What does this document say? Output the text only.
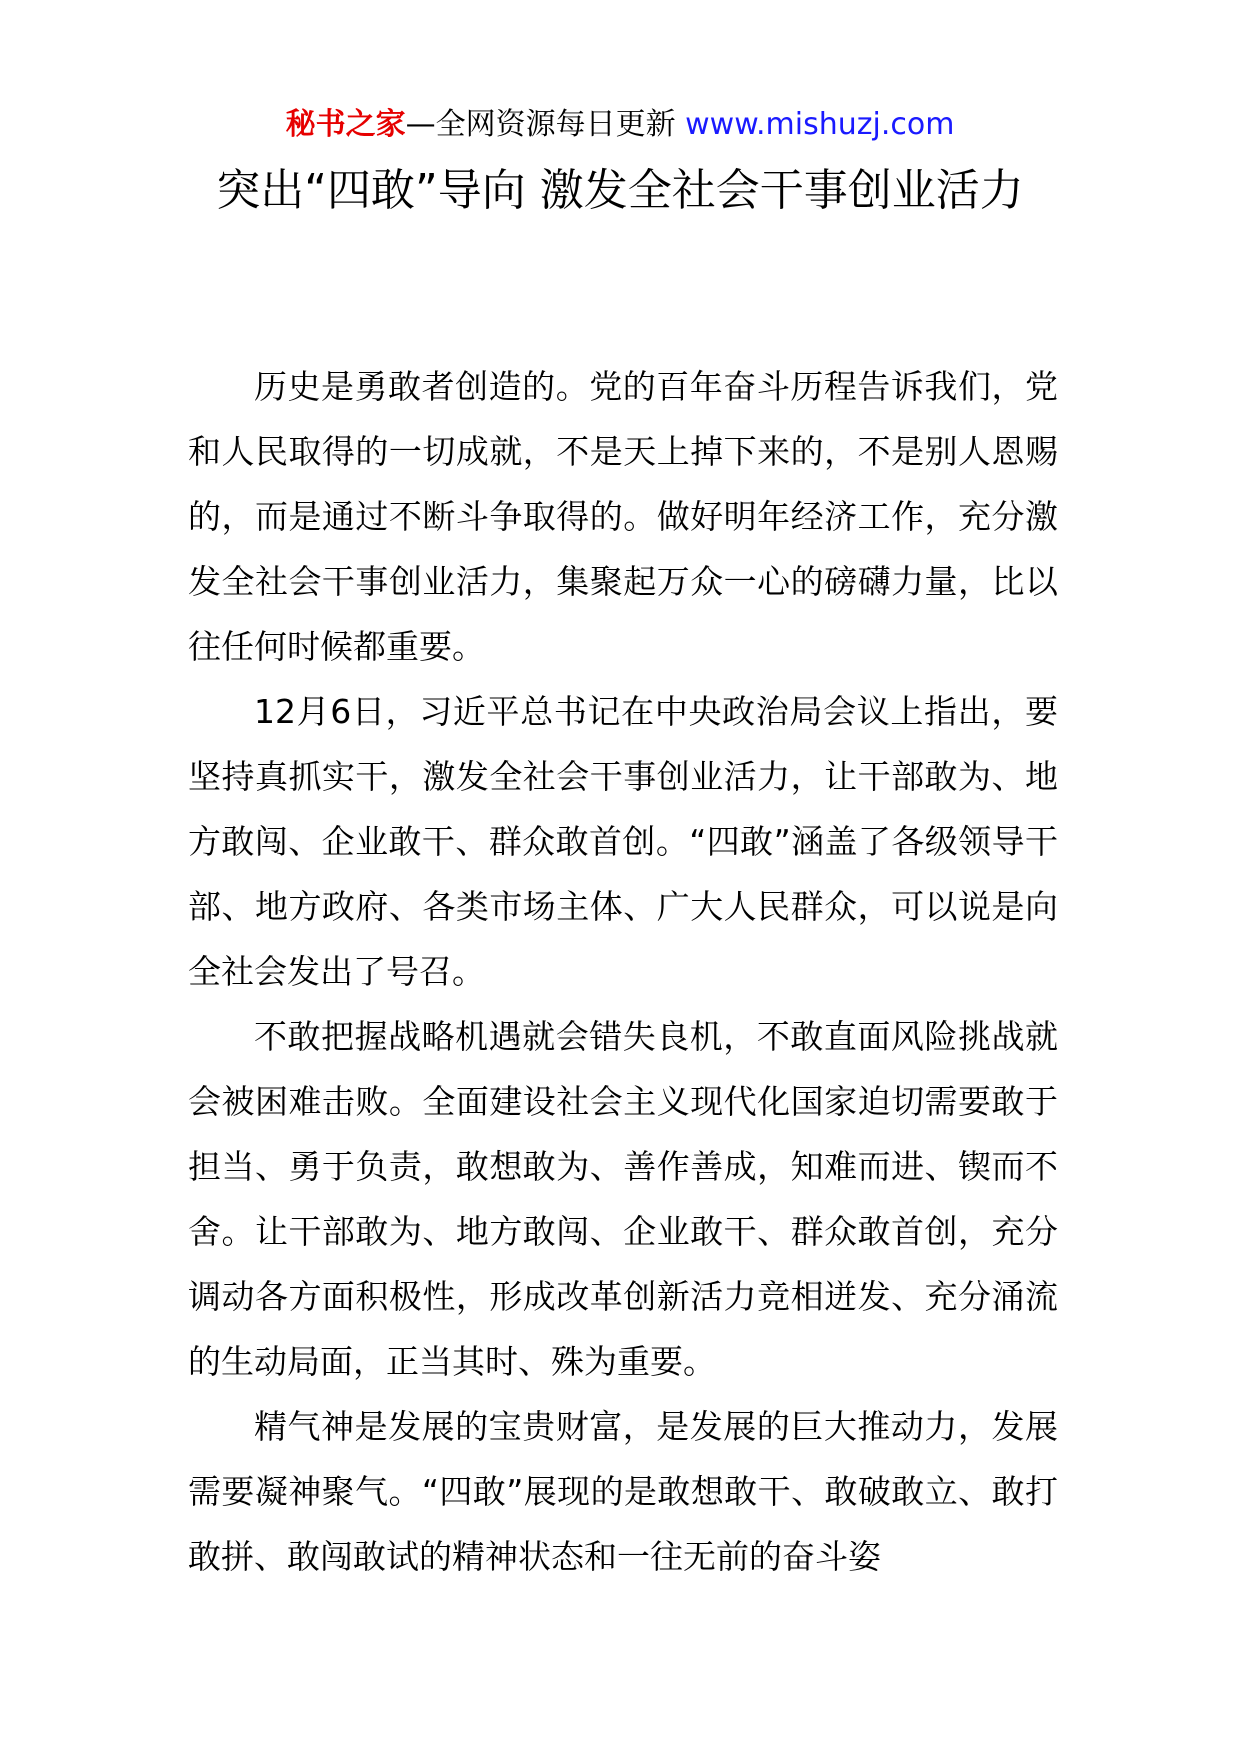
秘书之家—全网资源每日更新 www.mishuzj.com
突出“四敢”导向 激发全社会干事创业活力

历史是勇敢者创造的。党的百年奋斗历程告诉我们，党和人民取得的一切成就，不是天上掉下来的，不是别人恩赐的，而是通过不断斗争取得的。做好明年经济工作，充分激发全社会干事创业活力，集聚起万众一心的磅礴力量，比以往任何时候都重要。

12月6日，习近平总书记在中央政治局会议上指出，要坚持真抓实干，激发全社会干事创业活力，让干部敢为、地方敢闯、企业敢干、群众敢首创。“四敢”涵盖了各级领导干部、地方政府、各类市场主体、广大人民群众，可以说是向全社会发出了号召。

不敢把握战略机遇就会错失良机，不敢直面风险挑战就会被困难击败。全面建设社会主义现代化国家迫切需要敢于担当、勇于负责，敢想敢为、善作善成，知难而进、锲而不舍。让干部敢为、地方敢闯、企业敢干、群众敢首创，充分调动各方面积极性，形成改革创新活力竞相迸发、充分涌流的生动局面，正当其时、殊为重要。

精气神是发展的宝贵财富，是发展的巨大推动力，发展需要凝神聚气。“四敢”展现的是敢想敢干、敢破敢立、敢打敢拼、敢闯敢试的精神状态和一往无前的奋斗姿
